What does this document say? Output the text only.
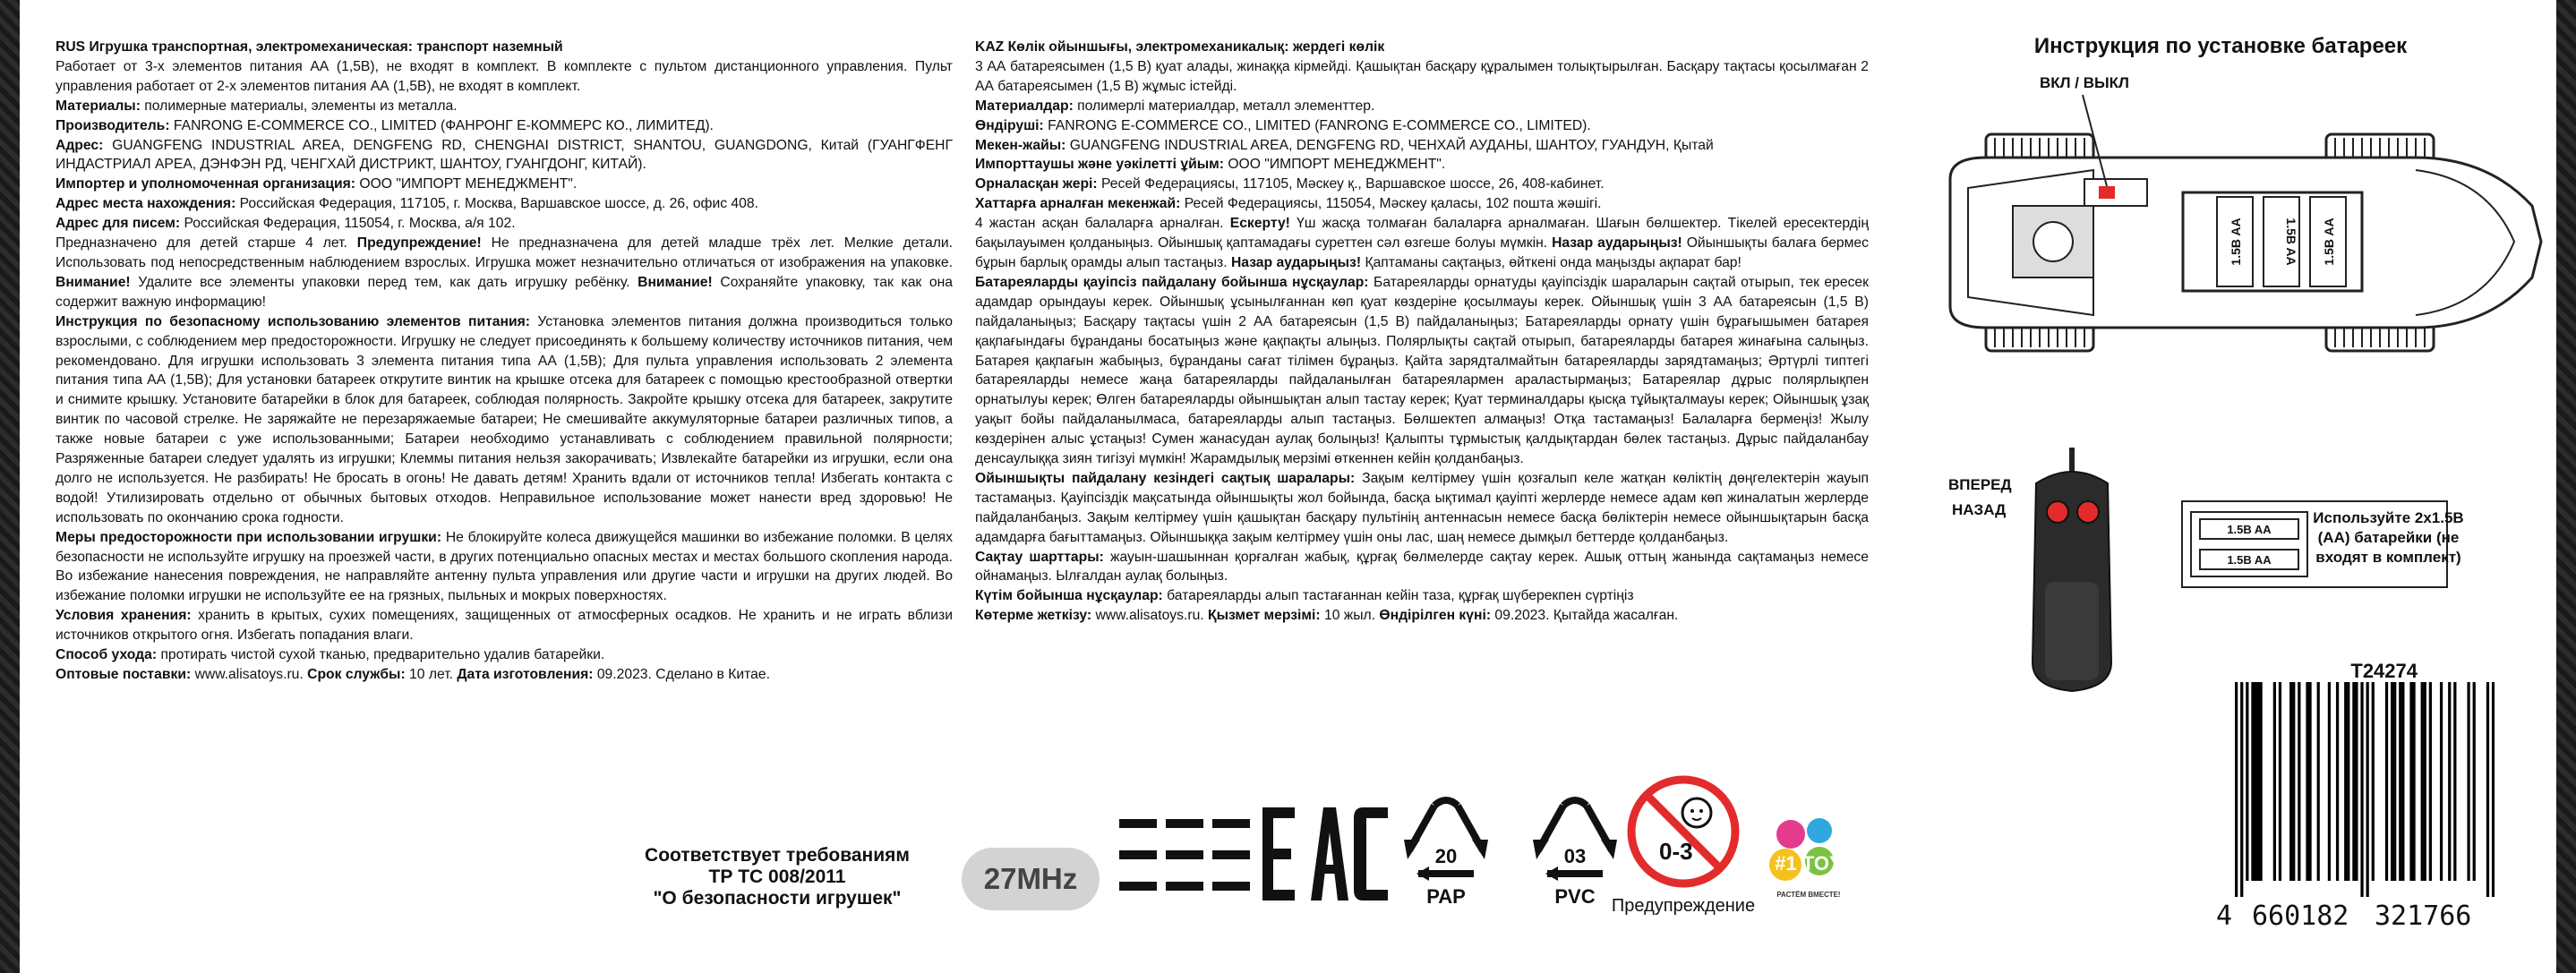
RUS Игрушка транспортная, электромеханическая: транспорт наземный

Работает от 3-х элементов питания АА (1,5В), не входят в комплект. В комплекте с пультом дистанционного управления. Пульт управления работает от 2-х элементов питания АА (1,5В), не входят в комплект.

Материалы: полимерные материалы, элементы из металла.

Производитель: FANRONG E-COMMERCE CO., LIMITED (ФАНРОНГ Е-КОММЕРС КО., ЛИМИТЕД).

Адрес: GUANGFENG INDUSTRIAL AREA, DENGFENG RD, CHENGHAI DISTRICT, SHANTOU, GUANGDONG, Китай (ГУАНГФЕНГ ИНДАСТРИАЛ АРЕА, ДЭНФЭН РД, ЧЕНГХАЙ ДИСТРИКТ, ШАНТОУ, ГУАНГДОНГ, КИТАЙ).

Импортер и уполномоченная организация: ООО "ИМПОРТ МЕНЕДЖМЕНТ".

Адрес места нахождения: Российская Федерация, 117105, г. Москва, Варшавское шоссе, д. 26, офис 408.

Адрес для писем: Российская Федерация, 115054, г. Москва, а/я 102.

Предназначено для детей старше 4 лет. Предупреждение! Не предназначена для детей младше трёх лет. Мелкие детали. Использовать под непосредственным наблюдением взрослых. Игрушка может незначительно отличаться от изображения на упаковке. Внимание! Удалите все элементы упаковки перед тем, как дать игрушку ребёнку. Внимание! Сохраняйте упаковку, так как она содержит важную информацию!

Инструкция по безопасному использованию элементов питания: Установка элементов питания должна производиться только взрослыми, с соблюдением мер предосторожности. Игрушку не следует присоединять к большему количеству источников питания, чем рекомендовано. Для игрушки использовать 3 элемента питания типа АА (1,5В); Для пульта управления использовать 2 элемента питания типа АА (1,5В); Для установки батареек открутите винтик на крышке отсека для батареек с помощью крестообразной отвертки и снимите крышку. Установите батарейки в блок для батареек, соблюдая полярность. Закройте крышку отсека для батареек, закрутите винтик по часовой стрелке. Не заряжайте не перезаряжаемые батареи; Не смешивайте аккумуляторные батареи различных типов, а также новые батареи с уже использованными; Батареи необходимо устанавливать с соблюдением правильной полярности; Разряженные батареи следует удалять из игрушки; Клеммы питания нельзя закорачивать; Извлекайте батарейки из игрушки, если она долго не используется. Не разбирать! Не бросать в огонь! Не давать детям! Хранить вдали от источников тепла! Избегать контакта с водой! Утилизировать отдельно от обычных бытовых отходов. Неправильное использование может нанести вред здоровью! Не использовать по окончанию срока годности.

Меры предосторожности при использовании игрушки: Не блокируйте колеса движущейся машинки во избежание поломки. В целях безопасности не используйте игрушку на проезжей части, в других потенциально опасных местах и местах большого скопления народа. Во избежание нанесения повреждения, не направляйте антенну пульта управления или другие части и игрушки на других людей. Во избежание поломки игрушки не используйте ее на грязных, пыльных и мокрых поверхностях.

Условия хранения: хранить в крытых, сухих помещениях, защищенных от атмосферных осадков. Не хранить и не играть вблизи источников открытого огня. Избегать попадания влаги.

Способ ухода: протирать чистой сухой тканью, предварительно удалив батарейки.

Оптовые поставки: www.alisatoys.ru. Срок службы: 10 лет. Дата изготовления: 09.2023. Сделано в Китае.

KAZ Көлік ойыншығы, электромеханикалық: жердегі көлік

3 АА батареясымен (1,5 В) қуат алады, жинаққа кірмейді. Қашықтан басқару құралымен толықтырылған. Басқару тақтасы қосылмаған 2 АА батареясымен (1,5 В) жұмыс істейді.

Материалдар: полимерлі материалдар, металл элементтер.

Өндіруші: FANRONG E-COMMERCE CO., LIMITED (FANRONG E-COMMERCE CO., LIMITED).

Мекен-жайы: GUANGFENG INDUSTRIAL AREA, DENGFENG RD, ЧЕНХАЙ АУДАНЫ, ШАНТОУ, ГУАНДУН, Қытай

Импорттаушы және уәкілетті ұйым: ООО "ИМПОРТ МЕНЕДЖМЕНТ".

Орналасқан жері: Ресей Федерациясы, 117105, Мәскеу қ., Варшавское шоссе, 26, 408-кабинет.

Хаттарға арналған мекенжай: Ресей Федерациясы, 115054, Мәскеу қаласы, 102 пошта жәшігі.

4 жастан асқан балаларға арналған. Ескерту! Үш жасқа толмаған балаларға арналмаған. Шағын бөлшектер. Тікелей ересектердің бақылауымен қолданыңыз. Ойыншық қаптамадағы суреттен сәл өзгеше болуы мүмкін. Назар аударыңыз! Ойыншықты балаға бермес бұрын барлық орамды алып тастаңыз. Назар аударыңыз! Қаптаманы сақтаңыз, өйткені онда маңызды ақпарат бар!

Батареяларды қауіпсіз пайдалану бойынша нұсқаулар: Батареяларды орнатуды қауіпсіздік шараларын сақтай отырып, тек ересек адамдар орындауы керек. Ойыншық ұсынылғаннан көп қуат көздеріне қосылмауы керек. Ойыншық үшін 3 АА батареясын (1,5 В) пайдаланыңыз; Басқару тақтасы үшін 2 АА батареясын (1,5 В) пайдаланыңыз; Батареяларды орнату үшін бұрағышымен батарея қақпағындағы бұранданы босатыңыз және қақпақты алыңыз. Полярлықты сақтай отырып, батареяларды батарея жинағына салыңыз. Батарея қақпағын жабыңыз, бұранданы сағат тілімен бұраңыз. Қайта зарядталмайтын батареяларды зарядтамаңыз; Әртүрлі типтегі батареяларды немесе жаңа батареяларды пайдаланылған батареялармен араластырмаңыз; Батареялар дұрыс полярлықпен орнатылуы керек; Өлген батареяларды ойыншықтан алып тастау керек; Қуат терминалдары қысқа тұйықталмауы керек; Ойыншық ұзақ уақыт бойы пайдаланылмаса, батареяларды алып тастаңыз. Бөлшектеп алмаңыз! Отқа тастамаңыз! Балаларға бермеңіз! Жылу көздерінен алыс ұстаңыз! Сумен жанасудан аулақ болыңыз! Қалыпты тұрмыстық қалдықтардан бөлек тастаңыз. Дұрыс пайдаланбау денсаулыққа зиян тигізуі мүмкін! Жарамдылық мерзімі өткеннен кейін қолданбаңыз.

Ойыншықты пайдалану кезіндегі сақтық шаралары: Зақым келтірмеу үшін қозғалып келе жатқан көліктің дөңгелектерін жауып тастамаңыз. Қауіпсіздік мақсатында ойыншықты жол бойында, басқа ықтимал қауіпті жерлерде немесе адам көп жиналатын жерлерде пайдаланбаңыз. Зақым келтірмеу үшін қашықтан басқару пультінің антеннасын немесе басқа бөліктерін немесе ойыншықтарын басқа адамдарға бағыттамаңыз. Ойыншыққа зақым келтірмеу үшін оны лас, шаң немесе дымқыл беттерде қолданбаңыз.

Сақтау шарттары: жауын-шашыннан қорғалған жабық, құрғақ бөлмелерде сақтау керек. Ашық оттың жанында сақтамаңыз немесе ойнамаңыз. Ылғалдан аулақ болыңыз.

Күтім бойынша нұсқаулар: батареяларды алып тастағаннан кейін таза, құрғақ шүберекпен сүртіңіз

Көтерме жеткізу: www.alisatoys.ru. Қызмет мерзімі: 10 жыл. Өндірілген күні: 09.2023. Қытайда жасалған.

Соответствует требованиям
ТР ТС 008/2011
"О безопасности игрушек"
27MHz
20
PAP
03
PVC
0-3
Предупреждение
#1 TOY
РАСТЁМ ВМЕСТЕ!
Инструкция по установке батареек
ВКЛ / ВЫКЛ
1.5B AA	1.5B AA 1.5B AA
ВПЕРЕД
НАЗАД
1.5B AA
1.5B AA
Используйте 2x1.5В (АА) батарейки (не входят в комплект)
T24274
4 660182 321766
